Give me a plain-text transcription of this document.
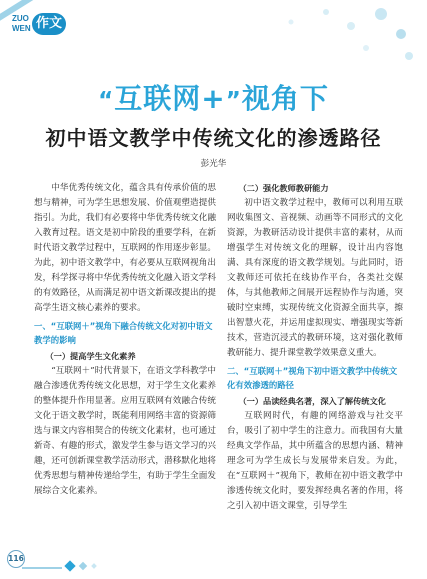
ZUO
WEN 作文
“互联网+”视角下
初中语文教学中传统文化的渗透路径
彭光华

中华优秀传统文化，蕴含具有传承价值的思想与精神，可为学生思想发展、价值观塑造提供指引。为此，我们有必要将中华优秀传统文化融入教育过程。语文是初中阶段的重要学科，在新时代语文教学过程中，互联网的作用逐步彰显。为此，初中语文教学中，有必要从互联网视角出发，科学探寻将中华优秀传统文化融入语文学科的有效路径，从而满足初中语文新课改提出的提高学生语文核心素养的要求。

一、“互联网＋”视角下融合传统文化对初中语文教学的影响
（一）提高学生文化素养

“互联网＋”时代背景下，在语文学科教学中融合渗透优秀传统文化思想，对于学生文化素养的整体提升作用显著。应用互联网有效融合传统文化于语文教学时，既能利用网络丰富的资源筛选与课文内容相契合的传统文化素材，也可通过新奇、有趣的形式，激发学生参与语文学习的兴趣，还可创新课堂教学活动形式，潜移默化地将优秀思想与精神传递给学生，有助于学生全面发展综合文化素养。

（二）强化教师教研能力

初中语文教学过程中，教师可以利用互联网收集图文、音视频、动画等不同形式的文化资源，为教研活动设计提供丰富的素材，从而增强学生对传统文化的理解，设计出内容饱满、具有深度的语文教学规划。与此同时，语文教师还可依托在线协作平台，各类社交媒体，与其他教师之间展开远程协作与沟通，突破时空束缚，实现传统文化资源全面共享，擦出智慧火花，并运用虚拟现实、增强现实等新技术，营造沉浸式的教研环境，这对强化教师教研能力、提升课堂教学效果意义重大。

二、“互联网＋”视角下初中语文教学中传统文化有效渗透的路径
（一）品读经典名著，深入了解传统文化

互联网时代，有趣的网络游戏与社交平台，吸引了初中学生的注意力。而我国有大量经典文学作品，其中所蕴含的思想内涵、精神理念可为学生成长与发展带来启发。为此，在“互联网＋”视角下，教师在初中语文教学中渗透传统文化时，要发挥经典名著的作用，将之引入初中语文课堂，引导学生

116
